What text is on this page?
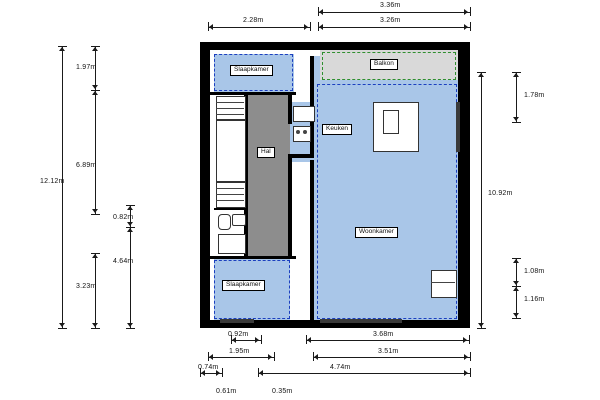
Balkon
Slaapkamer
Keuken
Hal
Woonkamer
Slaapkamer
2.28m
3.36m
3.26m
12.12m
1.97m
6.89m
0.82m
4.64m
3.23m
1.78m
10.92m
1.08m
1.16m
0.92m	3.68m
1.95m	3.51m
0.74m	4.74m
0.61m	0.35m
